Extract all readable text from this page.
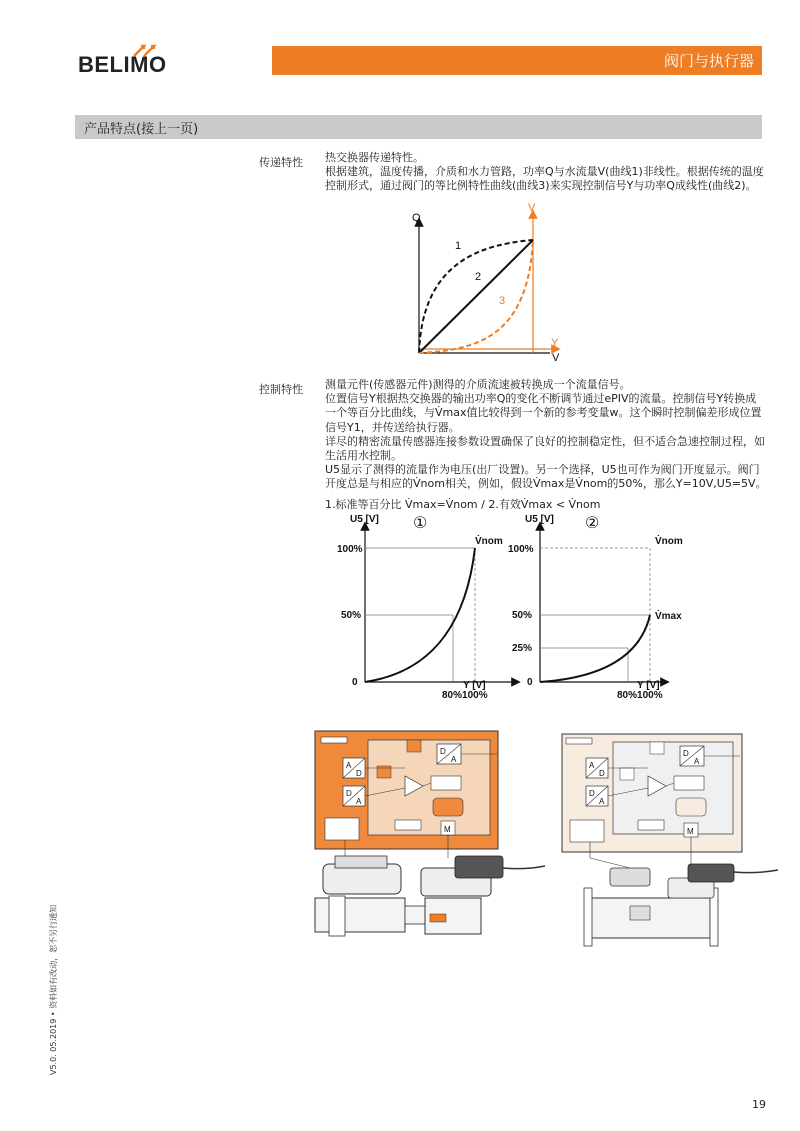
BELIMO	阀门与执行器
产品特点(接上一页)
传递特性 热交换器传递特性。
根据建筑，温度传播，介质和水力管路，功率Q与水流量V(曲线1)非线性。根据传统的温度
控制形式，通过阀门的等比例特性曲线(曲线3)来实现控制信号Y与功率Q成线性(曲线2)。
Q
V
Y
V
1
2
3
控制特性 测量元件(传感器元件)测得的介质流速被转换成一个流量信号。
位置信号Y根据热交换器的输出功率Q的变化不断调节通过ePIV的流量。控制信号Y转换成
一个等百分比曲线，与V̇max值比较得到一个新的参考变量w。这个瞬时控制偏差形成位置
信号Y1，并传送给执行器。
详尽的精密流量传感器连接参数设置确保了良好的控制稳定性，但不适合急速控制过程，如
生活用水控制。
U5显示了测得的流量作为电压(出厂设置)。另一个选择，U5也可作为阀门开度显示。阀门
开度总是与相应的V̇nom相关，例如，假设V̇max是V̇nom的50%，那么Y=10V,U5=5V。
1.标准等百分比 V̇max=V̇nom / 2.有效V̇max < V̇nom
U5 [V] ①
100%
50%
0	Y [V]
80%100%
V̇nom
U5 [V] ②
100%
50%
25%
0	Y [V]
80%100%
V̇nom
V̇max
A
D
D
A
D
A
M
A
D
D
A
D
A
M
V5.0. 05.2019 • 资料如有改动，恕不另行通知
19
